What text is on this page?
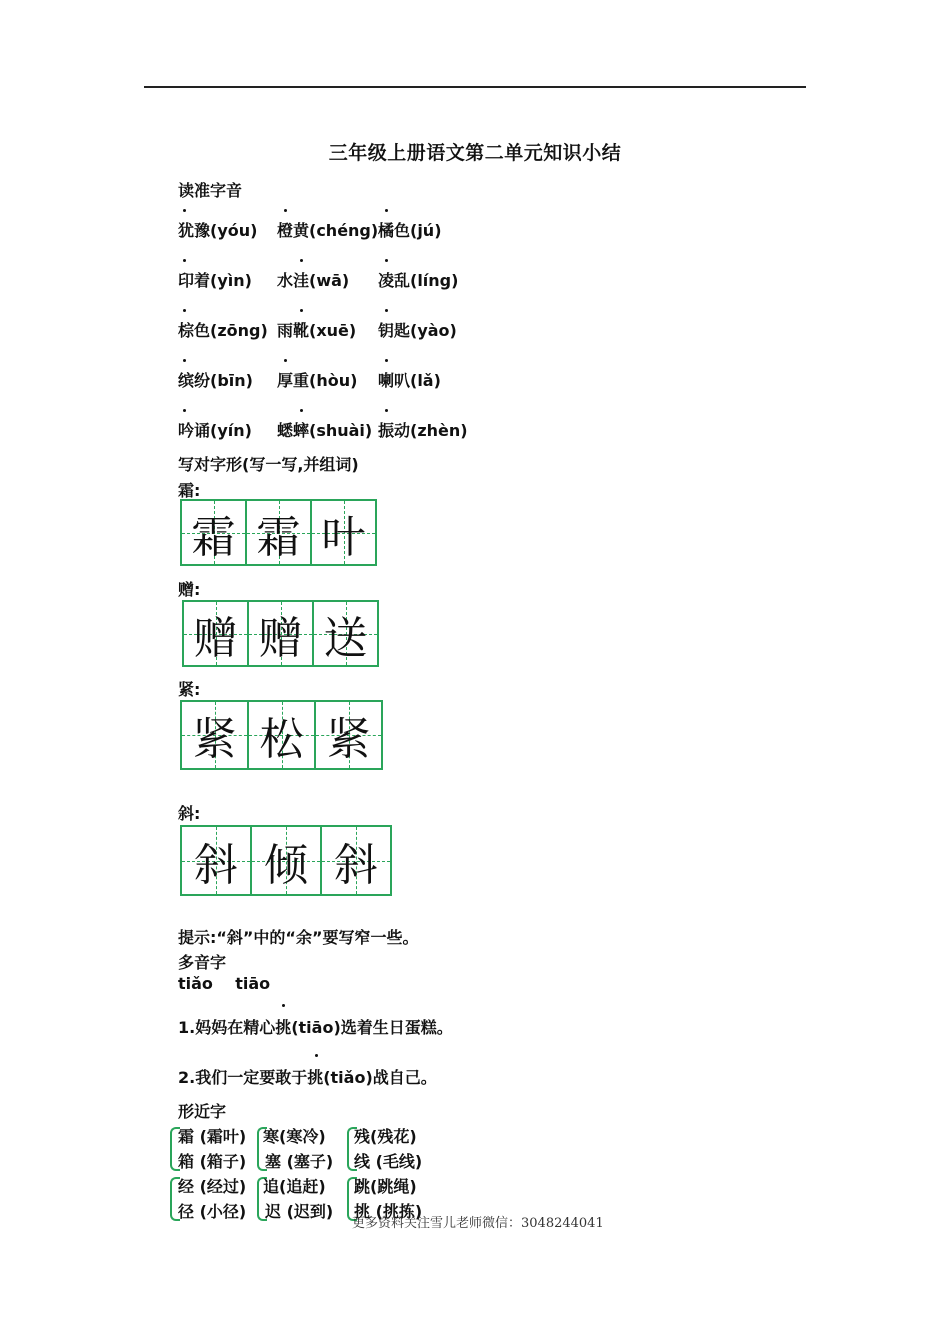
三年级上册语文第二单元知识小结
读准字音
犹豫(yóu) 橙黄(chéng) 橘色(jú)
印着(yìn) 水洼(wā) 凌乱(líng)
棕色(zōng) 雨靴(xuē) 钥匙(yào)
缤纷(bīn) 厚重(hòu) 喇叭(lǎ)
吟诵(yín) 蟋蟀(shuài) 振动(zhèn)
写对字形(写一写,并组词)
霜:
霜 霜 叶
赠:
赠 赠 送
紧:
紧 松 紧
斜:
斜 倾 斜
提示:“斜”中的“余”要写窄一些。
多音字
tiǎo    tiāo
1.妈妈在精心挑(tiāo)选着生日蛋糕。
2.我们一定要敢于挑(tiǎo)战自己。
形近字
霜 (霜叶) 寒(寒冷) 残(残花)
箱 (箱子) 塞 (塞子) 线 (毛线)
经 (经过) 追(追赶) 跳(跳绳)
径 (小径) 迟 (迟到) 挑 (挑拣)
更多资料关注雪儿老师微信：3048244041
